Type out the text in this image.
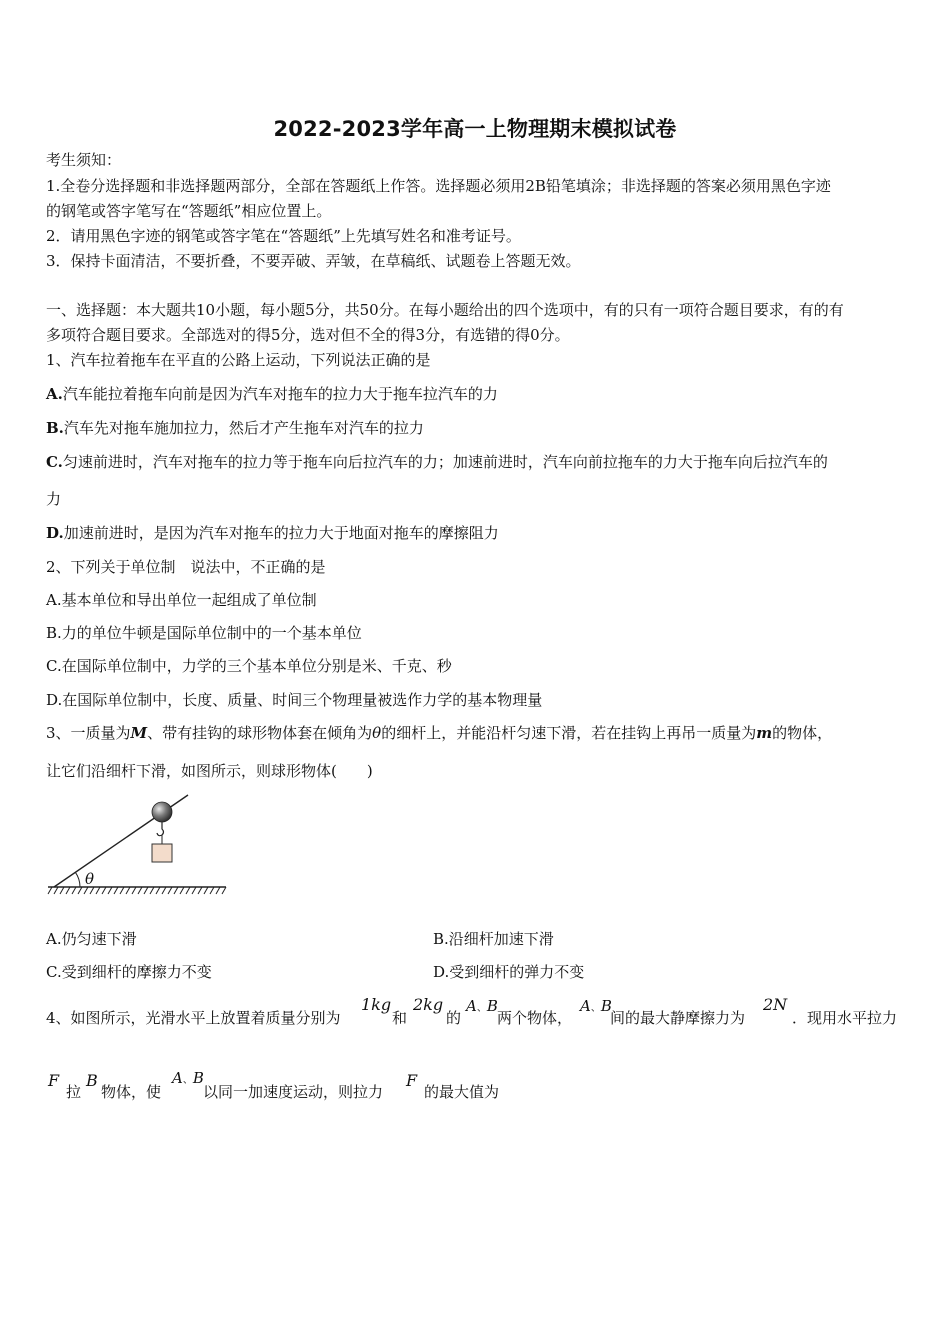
2022-2023学年高一上物理期末模拟试卷
考生须知：
1.全卷分选择题和非选择题两部分，全部在答题纸上作答。选择题必须用2B铅笔填涂；非选择题的答案必须用黑色字迹
的钢笔或答字笔写在“答题纸”相应位置上。
2．请用黑色字迹的钢笔或答字笔在“答题纸”上先填写姓名和准考证号。
3．保持卡面清洁，不要折叠，不要弄破、弄皱，在草稿纸、试题卷上答题无效。
一、选择题：本大题共10小题，每小题5分，共50分。在每小题给出的四个选项中，有的只有一项符合题目要求，有的有
多项符合题目要求。全部选对的得5分，选对但不全的得3分，有选错的得0分。
1、汽车拉着拖车在平直的公路上运动，下列说法正确的是
A.汽车能拉着拖车向前是因为汽车对拖车的拉力大于拖车拉汽车的力
B.汽车先对拖车施加拉力，然后才产生拖车对汽车的拉力
C.匀速前进时，汽车对拖车的拉力等于拖车向后拉汽车的力；加速前进时，汽车向前拉拖车的力大于拖车向后拉汽车的
力
D.加速前进时，是因为汽车对拖车的拉力大于地面对拖车的摩擦阻力
2、下列关于单位制　说法中，不正确的是
A.基本单位和导出单位一起组成了单位制
B.力的单位牛顿是国际单位制中的一个基本单位
C.在国际单位制中，力学的三个基本单位分别是米、千克、秒
D.在国际单位制中，长度、质量、时间三个物理量被选作力学的基本物理量
3、一质量为M、带有挂钩的球形物体套在倾角为θ的细杆上，并能沿杆匀速下滑，若在挂钩上再吊一质量为m的物体，
让它们沿细杆下滑，如图所示，则球形物体(　　)
θ
A.仍匀速下滑	B.沿细杆加速下滑
C.受到细杆的摩擦力不变	D.受到细杆的弹力不变
4、如图所示，光滑水平上放置着质量分别为
1kg
和
2kg
的
A、B
两个物体，
A、B
间的最大静摩擦力为
2N
．现用水平拉力
F
拉
B
物体，使
A、B
以同一加速度运动，则拉力
F
的最大值为
